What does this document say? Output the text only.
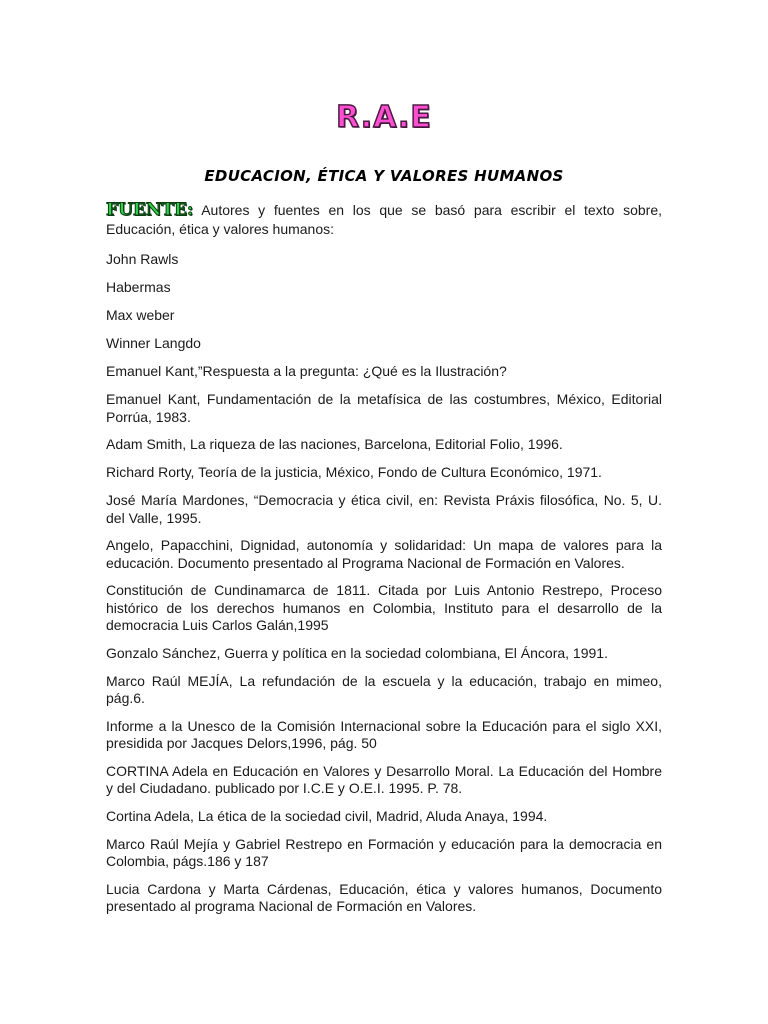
R.A.E
EDUCACION, ÉTICA Y VALORES HUMANOS
FUENTE: Autores y fuentes en los que se basó para escribir el texto sobre, Educación, ética y valores humanos:

John Rawls

Habermas

Max weber

Winner Langdo

Emanuel Kant,”Respuesta a la pregunta: ¿Qué es la Ilustración?

Emanuel Kant, Fundamentación de la metafísica de las costumbres, México, Editorial Porrúa, 1983.

Adam Smith, La riqueza de las naciones, Barcelona, Editorial Folio, 1996.

Richard Rorty, Teoría de la justicia, México, Fondo de Cultura Económico, 1971.

José María Mardones, “Democracia y ética civil, en: Revista Práxis filosófica, No. 5, U. del Valle, 1995.

Angelo, Papacchini, Dignidad, autonomía y solidaridad: Un mapa de valores para la educación. Documento presentado al Programa Nacional de Formación en Valores.

Constitución de Cundinamarca de 1811. Citada por Luis Antonio Restrepo, Proceso histórico de los derechos humanos en Colombia, Instituto para el desarrollo de la democracia Luis Carlos Galán,1995

Gonzalo Sánchez, Guerra y política en la sociedad colombiana, El Áncora, 1991.

Marco Raúl MEJÍA, La refundación de la escuela y la educación, trabajo en mimeo, pág.6.

Informe a la Unesco de la Comisión Internacional sobre la Educación para el siglo XXI, presidida por Jacques Delors,1996, pág. 50

CORTINA Adela en Educación en Valores y Desarrollo Moral. La Educación del Hombre y del Ciudadano. publicado por I.C.E y O.E.I. 1995. P. 78.

Cortina Adela, La ética de la sociedad civil, Madrid, Aluda Anaya, 1994.

Marco Raúl Mejía y Gabriel Restrepo en Formación y educación para la democracia en Colombia, págs.186 y 187

Lucia Cardona y Marta Cárdenas, Educación, ética y valores humanos, Documento presentado al programa Nacional de Formación en Valores.
